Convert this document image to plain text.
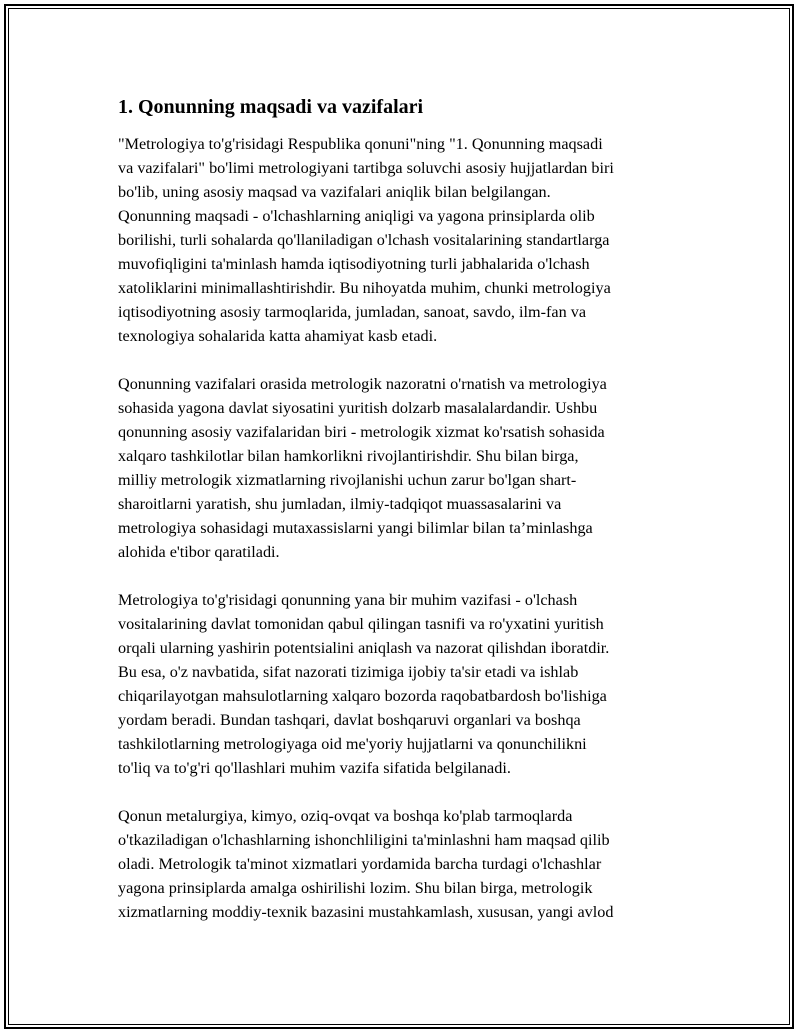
1. Qonunning maqsadi va vazifalari

"Metrologiya to'g'risidagi Respublika qonuni"ning "1. Qonunning maqsadi
va vazifalari" bo'limi metrologiyani tartibga soluvchi asosiy hujjatlardan biri
bo'lib, uning asosiy maqsad va vazifalari aniqlik bilan belgilangan.
Qonunning maqsadi - o'lchashlarning aniqligi va yagona prinsiplarda olib
borilishi, turli sohalarda qo'llaniladigan o'lchash vositalarining standartlarga
muvofiqligini ta'minlash hamda iqtisodiyotning turli jabhalarida o'lchash
xatoliklarini minimallashtirishdir. Bu nihoyatda muhim, chunki metrologiya
iqtisodiyotning asosiy tarmoqlarida, jumladan, sanoat, savdo, ilm-fan va
texnologiya sohalarida katta ahamiyat kasb etadi.

Qonunning vazifalari orasida metrologik nazoratni o'rnatish va metrologiya
sohasida yagona davlat siyosatini yuritish dolzarb masalalardandir. Ushbu
qonunning asosiy vazifalaridan biri - metrologik xizmat ko'rsatish sohasida
xalqaro tashkilotlar bilan hamkorlikni rivojlantirishdir. Shu bilan birga,
milliy metrologik xizmatlarning rivojlanishi uchun zarur bo'lgan shart-
sharoitlarni yaratish, shu jumladan, ilmiy-tadqiqot muassasalarini va
metrologiya sohasidagi mutaxassislarni yangi bilimlar bilan ta’minlashga
alohida e'tibor qaratiladi.

Metrologiya to'g'risidagi qonunning yana bir muhim vazifasi - o'lchash
vositalarining davlat tomonidan qabul qilingan tasnifi va ro'yxatini yuritish
orqali ularning yashirin potentsialini aniqlash va nazorat qilishdan iboratdir.
Bu esa, o'z navbatida, sifat nazorati tizimiga ijobiy ta'sir etadi va ishlab
chiqarilayotgan mahsulotlarning xalqaro bozorda raqobatbardosh bo'lishiga
yordam beradi. Bundan tashqari, davlat boshqaruvi organlari va boshqa
tashkilotlarning metrologiyaga oid me'yoriy hujjatlarni va qonunchilikni
to'liq va to'g'ri qo'llashlari muhim vazifa sifatida belgilanadi.

Qonun metalurgiya, kimyo, oziq-ovqat va boshqa ko'plab tarmoqlarda
o'tkaziladigan o'lchashlarning ishonchliligini ta'minlashni ham maqsad qilib
oladi. Metrologik ta'minot xizmatlari yordamida barcha turdagi o'lchashlar
yagona prinsiplarda amalga oshirilishi lozim. Shu bilan birga, metrologik
xizmatlarning moddiy-texnik bazasini mustahkamlash, xususan, yangi avlod
